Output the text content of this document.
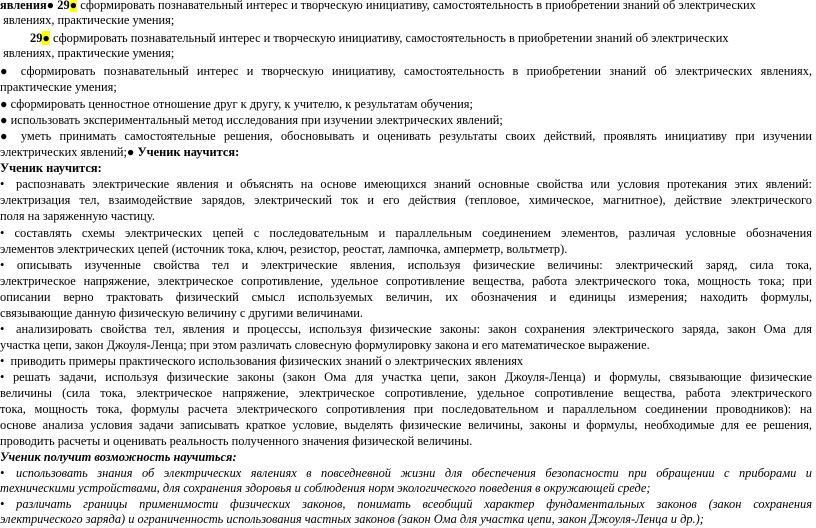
явления● 29● сформировать познавательный интерес и творческую инициативу, самостоятельность в приобретении знаний об электрических
явлениях, практические умения;
29● сформировать познавательный интерес и творческую инициативу, самостоятельность в приобретении знаний об электрических
явлениях, практические умения;
● сформировать познавательный интерес и творческую инициативу, самостоятельность в приобретении знаний об электрических явлениях,
практические умения;
● сформировать ценностное отношение друг к другу, к учителю, к результатам обучения;
● использовать экспериментальный метод исследования при изучении электрических явлений;
● уметь принимать самостоятельные решения, обосновывать и оценивать результаты своих действий, проявлять инициативу при изучении
электрических явлений;● Ученик научится:
Ученик научится:
• распознавать электрические явления и объяснять на основе имеющихся знаний основные свойства или условия протекания этих явлений:
электризация тел, взаимодействие зарядов, электрический ток и его действия (тепловое, химическое, магнитное), действие электрического
поля на заряженную частицу.
• составлять схемы электрических цепей с последовательным и параллельным соединением элементов, различая условные обозначения
элементов электрических цепей (источник тока, ключ, резистор, реостат, лампочка, амперметр, вольтметр).
• описывать изученные свойства тел и электрические явления, используя физические величины: электрический заряд, сила тока,
электрическое напряжение, электрическое сопротивление, удельное сопротивление вещества, работа электрического тока, мощность тока; при
описании верно трактовать физический смысл используемых величин, их обозначения и единицы измерения; находить формулы,
связывающие данную физическую величину с другими величинами.
• анализировать свойства тел, явления и процессы, используя физические законы: закон сохранения электрического заряда, закон Ома для
участка цепи, закон Джоуля-Ленца; при этом различать словесную формулировку закона и его математическое выражение.
•  приводить примеры практического использования физических знаний о электрических явлениях
• решать задачи, используя физические законы (закон Ома для участка цепи, закон Джоуля-Ленца) и формулы, связывающие физические
величины (сила тока, электрическое напряжение, электрическое сопротивление, удельное сопротивление вещества, работа электрического
тока, мощность тока, формулы расчета электрического сопротивления при последовательном и параллельном соединении проводников): на
основе анализа условия задачи записывать краткое условие, выделять физические величины, законы и формулы, необходимые для ее решения,
проводить расчеты и оценивать реальность полученного значения физической величины.
Ученик получит возможность научиться:
• использовать знания об электрических явлениях в повседневной жизни для обеспечения безопасности при обращении с приборами и
техническими устройствами, для сохранения здоровья и соблюдения норм экологического поведения в окружающей среде;
• различать границы применимости физических законов, понимать всеобщий характер фундаментальных законов (закон сохранения
электрического заряда) и ограниченность использования частных законов (закон Ома для участка цепи, закон Джоуля-Ленца и др.);
